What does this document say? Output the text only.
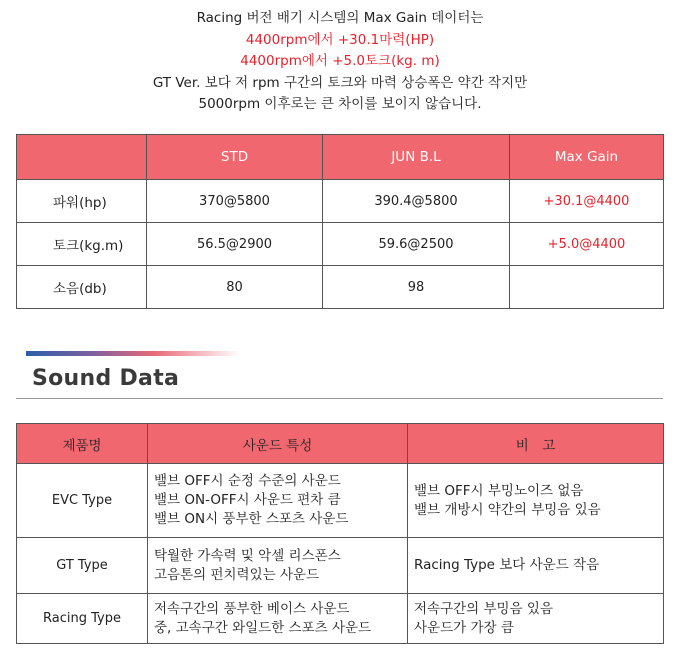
Racing 버전 배기 시스템의 Max Gain 데이터는
4400rpm에서 +30.1마력(HP)
4400rpm에서 +5.0토크(kg. m)
GT Ver. 보다 저 rpm 구간의 토크와 마력 상승폭은 약간 작지만
5000rpm 이후로는 큰 차이를 보이지 않습니다.
	STD	JUN B.L	Max Gain
파워(hp)	370@5800	390.4@5800	+30.1@4400
토크(kg.m)	56.5@2900	59.6@2500	+5.0@4400
소음(db)	80	98	
Sound Data
제품명	사운드 특성	비　고
EVC Type	밸브 OFF시 순정 수준의 사운드
밸브 ON-OFF시 사운드 편차 큼
밸브 ON시 풍부한 스포츠 사운드	밸브 OFF시 부밍노이즈 없음
밸브 개방시 약간의 부밍음 있음

GT Type	탁월한 가속력 및 악셀 리스폰스
고음톤의 펀치력있는 사운드	Racing Type 보다 사운드 작음

Racing Type	저속구간의 풍부한 베이스 사운드
중, 고속구간 와일드한 스포츠 사운드	저속구간의 부밍음 있음
사운드가 가장 큼
